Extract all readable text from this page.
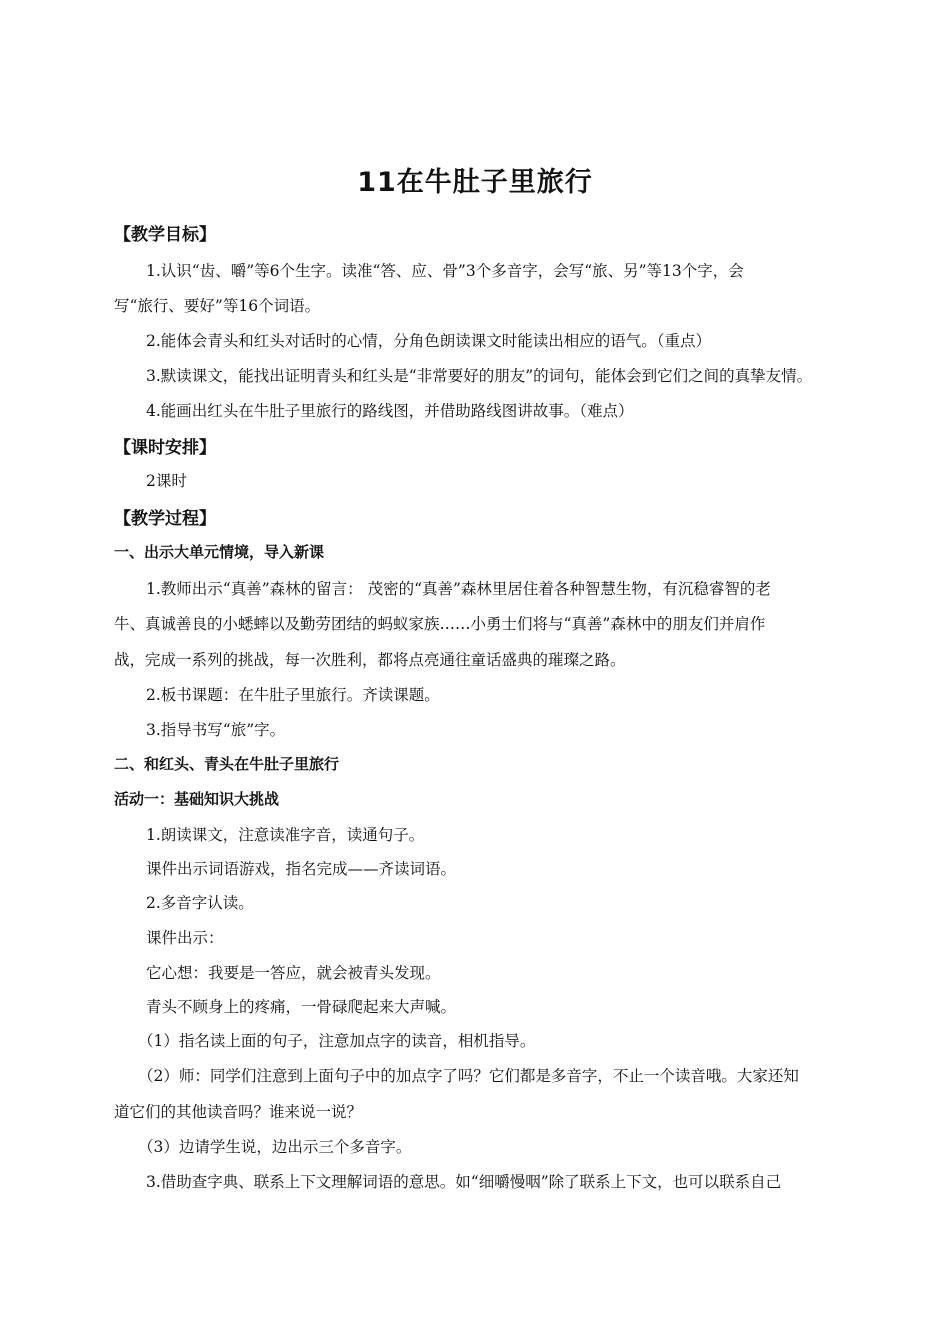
11在牛肚子里旅行
【教学目标】
1.认识“齿、嚼”等6个生字。读准“答、应、骨”3个多音字，会写“旅、另”等13个字，会
写“旅行、要好”等16个词语。
2.能体会青头和红头对话时的心情，分角色朗读课文时能读出相应的语气。（重点）
3.默读课文，能找出证明青头和红头是“非常要好的朋友”的词句，能体会到它们之间的真挚友情。
4.能画出红头在牛肚子里旅行的路线图，并借助路线图讲故事。（难点）
【课时安排】
2课时
【教学过程】
一、出示大单元情境，导入新课
1.教师出示“真善”森林的留言： 茂密的“真善”森林里居住着各种智慧生物，有沉稳睿智的老
牛、真诚善良的小蟋蟀以及勤劳团结的蚂蚁家族……小勇士们将与“真善”森林中的朋友们并肩作
战，完成一系列的挑战，每一次胜利，都将点亮通往童话盛典的璀璨之路。
2.板书课题：在牛肚子里旅行。齐读课题。
3.指导书写“旅”字。
二、和红头、青头在牛肚子里旅行
活动一：基础知识大挑战
1.朗读课文，注意读准字音，读通句子。
课件出示词语游戏，指名完成——齐读词语。
2.多音字认读。
课件出示：
它心想：我要是一答应，就会被青头发现。
青头不顾身上的疼痛，一骨碌爬起来大声喊。
（1）指名读上面的句子，注意加点字的读音，相机指导。
（2）师：同学们注意到上面句子中的加点字了吗？它们都是多音字，不止一个读音哦。大家还知
道它们的其他读音吗？谁来说一说？
（3）边请学生说，边出示三个多音字。
3.借助查字典、联系上下文理解词语的意思。如“细嚼慢咽”除了联系上下文，也可以联系自己
